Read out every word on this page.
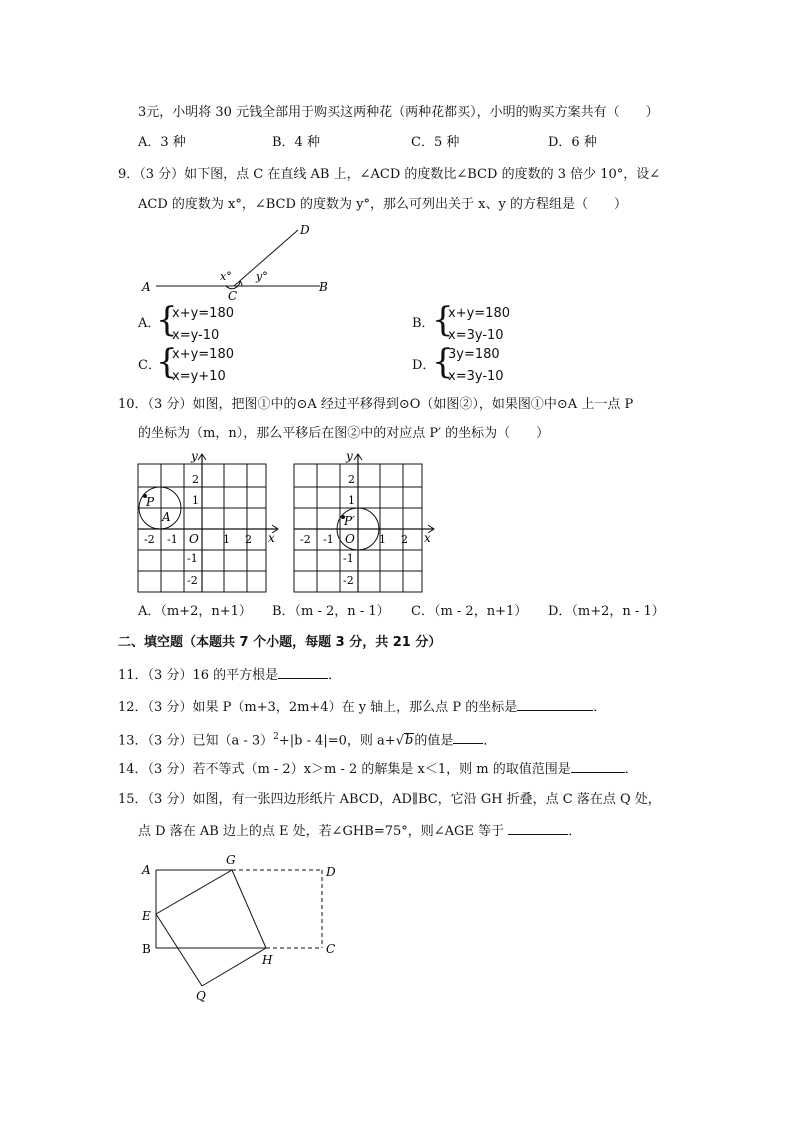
3元，小明将 30 元钱全部用于购买这两种花（两种花都买），小明的购买方案共有（　　）
A．3 种	B．4 种	C．5 种	D．6 种
9．（3 分）如下图，点 C 在直线 AB 上，∠ACD 的度数比∠BCD 的度数的 3 倍少 10°，设∠
ACD 的度数为 x°，∠BCD 的度数为 y°，那么可列出关于 x、y 的方程组是（　　）
A	B
C
D
x° y°
A．
{
x+y=180
x=y-10
B．
{
x+y=180
x=3y-10
C．
{
x+y=180
x=y+10
D．
{
3y=180
x=3y-10
10．（3 分）如图，把图①中的⊙A 经过平移得到⊙O（如图②），如果图①中⊙A 上一点 P
的坐标为（m，n），那么平移后在图②中的对应点 P′ 的坐标为（　　）
y
x
O
P
A
-2 -1	1 2
2
1
-1
-2
y
x
O
P′
-2 -1	1 2
2
1
-1
-2
A．（m+2，n+1） B．（m - 2，n - 1） C．（m - 2，n+1） D．（m+2，n - 1）
二、填空题（本题共 7 个小题，每题 3 分，共 21 分）
11．（3 分）16 的平方根是	．
12．（3 分）如果 P（m+3，2m+4）在 y 轴上，那么点 P 的坐标是	．
13．（3 分）已知（a - 3）$^2$+|b - 4|=0，则 a+√b的值是 ．
14．（3 分）若不等式（m - 2）x＞m - 2 的解集是 x＜1，则 m 的取值范围是	．
15．（3 分）如图，有一张四边形纸片 ABCD，AD∥BC，它沿 GH 折叠，点 C 落在点 Q 处，
点 D 落在 AB 边上的点 E 处，若∠GHB=75°，则∠AGE 等于	．
A
G
D
E
B
H
C
Q
